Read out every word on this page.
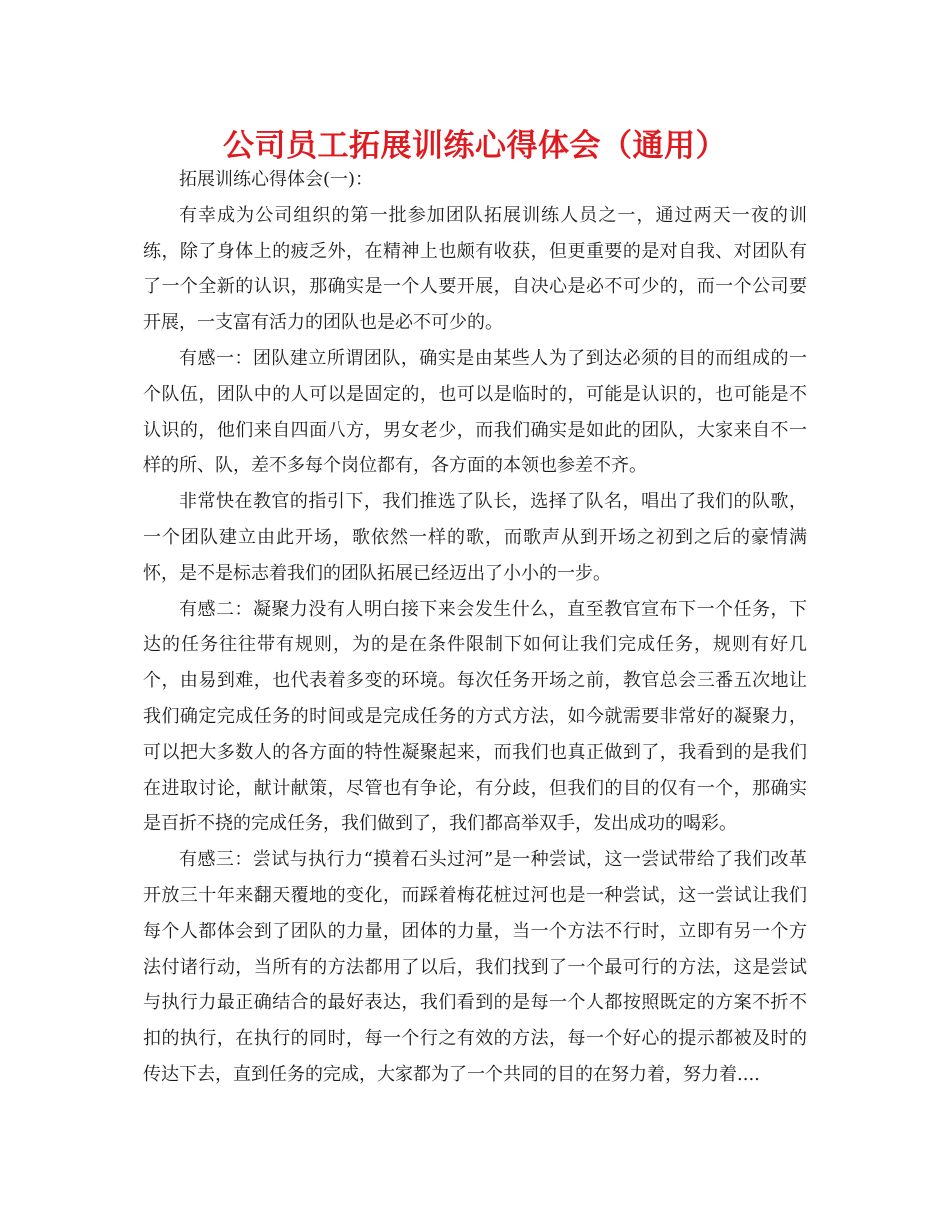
公司员工拓展训练心得体会（通用）

拓展训练心得体会(一)：

有幸成为公司组织的第一批参加团队拓展训练人员之一，通过两天一夜的训练，除了身体上的疲乏外，在精神上也颇有收获，但更重要的是对自我、对团队有了一个全新的认识，那确实是一个人要开展，自决心是必不可少的，而一个公司要开展，一支富有活力的团队也是必不可少的。

有感一：团队建立所谓团队，确实是由某些人为了到达必须的目的而组成的一个队伍，团队中的人可以是固定的，也可以是临时的，可能是认识的，也可能是不认识的，他们来自四面八方，男女老少，而我们确实是如此的团队，大家来自不一样的所、队，差不多每个岗位都有，各方面的本领也参差不齐。

非常快在教官的指引下，我们推选了队长，选择了队名，唱出了我们的队歌，一个团队建立由此开场，歌依然一样的歌，而歌声从到开场之初到之后的豪情满怀，是不是标志着我们的团队拓展已经迈出了小小的一步。

有感二：凝聚力没有人明白接下来会发生什么，直至教官宣布下一个任务，下达的任务往往带有规则，为的是在条件限制下如何让我们完成任务，规则有好几个，由易到难，也代表着多变的环境。每次任务开场之前，教官总会三番五次地让我们确定完成任务的时间或是完成任务的方式方法，如今就需要非常好的凝聚力，可以把大多数人的各方面的特性凝聚起来，而我们也真正做到了，我看到的是我们在进取讨论，献计献策，尽管也有争论，有分歧，但我们的目的仅有一个，那确实是百折不挠的完成任务，我们做到了，我们都高举双手，发出成功的喝彩。

有感三：尝试与执行力“摸着石头过河”是一种尝试，这一尝试带给了我们改革开放三十年来翻天覆地的变化，而踩着梅花桩过河也是一种尝试，这一尝试让我们每个人都体会到了团队的力量，团体的力量，当一个方法不行时，立即有另一个方法付诸行动，当所有的方法都用了以后，我们找到了一个最可行的方法，这是尝试与执行力最正确结合的最好表达，我们看到的是每一个人都按照既定的方案不折不扣的执行，在执行的同时，每一个行之有效的方法，每一个好心的提示都被及时的传达下去，直到任务的完成，大家都为了一个共同的目的在努力着，努力着....
